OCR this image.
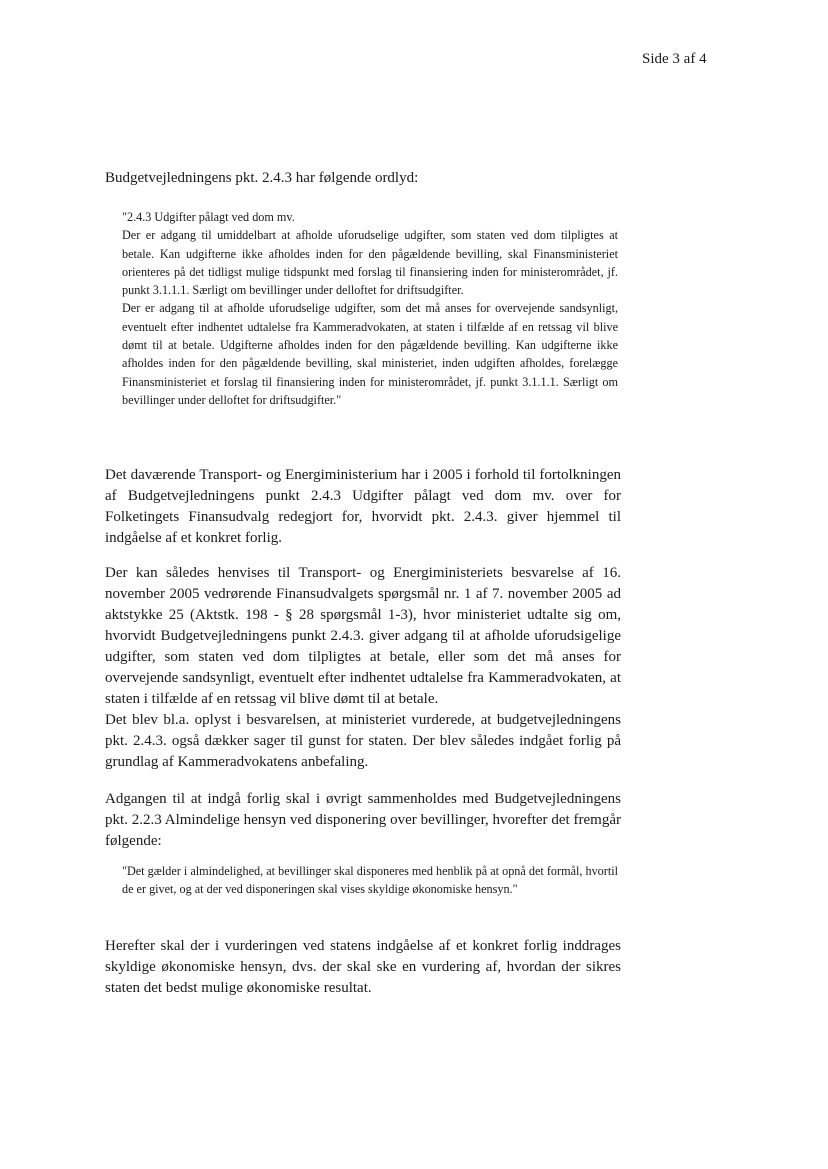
Side 3 af 4

Budgetvejledningens pkt. 2.4.3 har følgende ordlyd:

"2.4.3 Udgifter pålagt ved dom mv.

Der er adgang til umiddelbart at afholde uforudselige udgifter, som staten ved dom tilpligtes at betale. Kan udgifterne ikke afholdes inden for den pågældende bevilling, skal Finansministeriet orienteres på det tidligst mulige tidspunkt med forslag til finansiering inden for ministerområdet, jf. punkt 3.1.1.1. Særligt om bevillinger under delloftet for driftsudgifter.

Der er adgang til at afholde uforudselige udgifter, som det må anses for overvejende sandsynligt, eventuelt efter indhentet udtalelse fra Kammeradvokaten, at staten i tilfælde af en retssag vil blive dømt til at betale. Udgifterne afholdes inden for den pågældende bevilling. Kan udgifterne ikke afholdes inden for den pågældende bevilling, skal ministeriet, inden udgiften afholdes, forelægge Finansministeriet et forslag til finansiering inden for ministerområdet, jf. punkt 3.1.1.1. Særligt om bevillinger under delloftet for driftsudgifter."

Det daværende Transport- og Energiministerium har i 2005 i forhold til fortolkningen af Budgetvejledningens punkt 2.4.3 Udgifter pålagt ved dom mv. over for Folketingets Finansudvalg redegjort for, hvorvidt pkt. 2.4.3. giver hjemmel til indgåelse af et konkret forlig.

Der kan således henvises til Transport- og Energiministeriets besvarelse af 16. november 2005 vedrørende Finansudvalgets spørgsmål nr. 1 af 7. november 2005 ad aktstykke 25 (Aktstk. 198 - § 28 spørgsmål 1-3), hvor ministeriet udtalte sig om, hvorvidt Budgetvejledningens punkt 2.4.3. giver adgang til at afholde uforudsigelige udgifter, som staten ved dom tilpligtes at betale, eller som det må anses for overvejende sandsynligt, eventuelt efter indhentet udtalelse fra Kammeradvokaten, at staten i tilfælde af en retssag vil blive dømt til at betale.

Det blev bl.a. oplyst i besvarelsen, at ministeriet vurderede, at budgetvejledningens pkt. 2.4.3. også dækker sager til gunst for staten. Der blev således indgået forlig på grundlag af Kammeradvokatens anbefaling.

Adgangen til at indgå forlig skal i øvrigt sammenholdes med Budgetvejledningens pkt. 2.2.3 Almindelige hensyn ved disponering over bevillinger, hvorefter det fremgår følgende:

"Det gælder i almindelighed, at bevillinger skal disponeres med henblik på at opnå det formål, hvortil de er givet, og at der ved disponeringen skal vises skyldige økonomiske hensyn."

Herefter skal der i vurderingen ved statens indgåelse af et konkret forlig inddrages skyldige økonomiske hensyn, dvs. der skal ske en vurdering af, hvordan der sikres staten det bedst mulige økonomiske resultat.
